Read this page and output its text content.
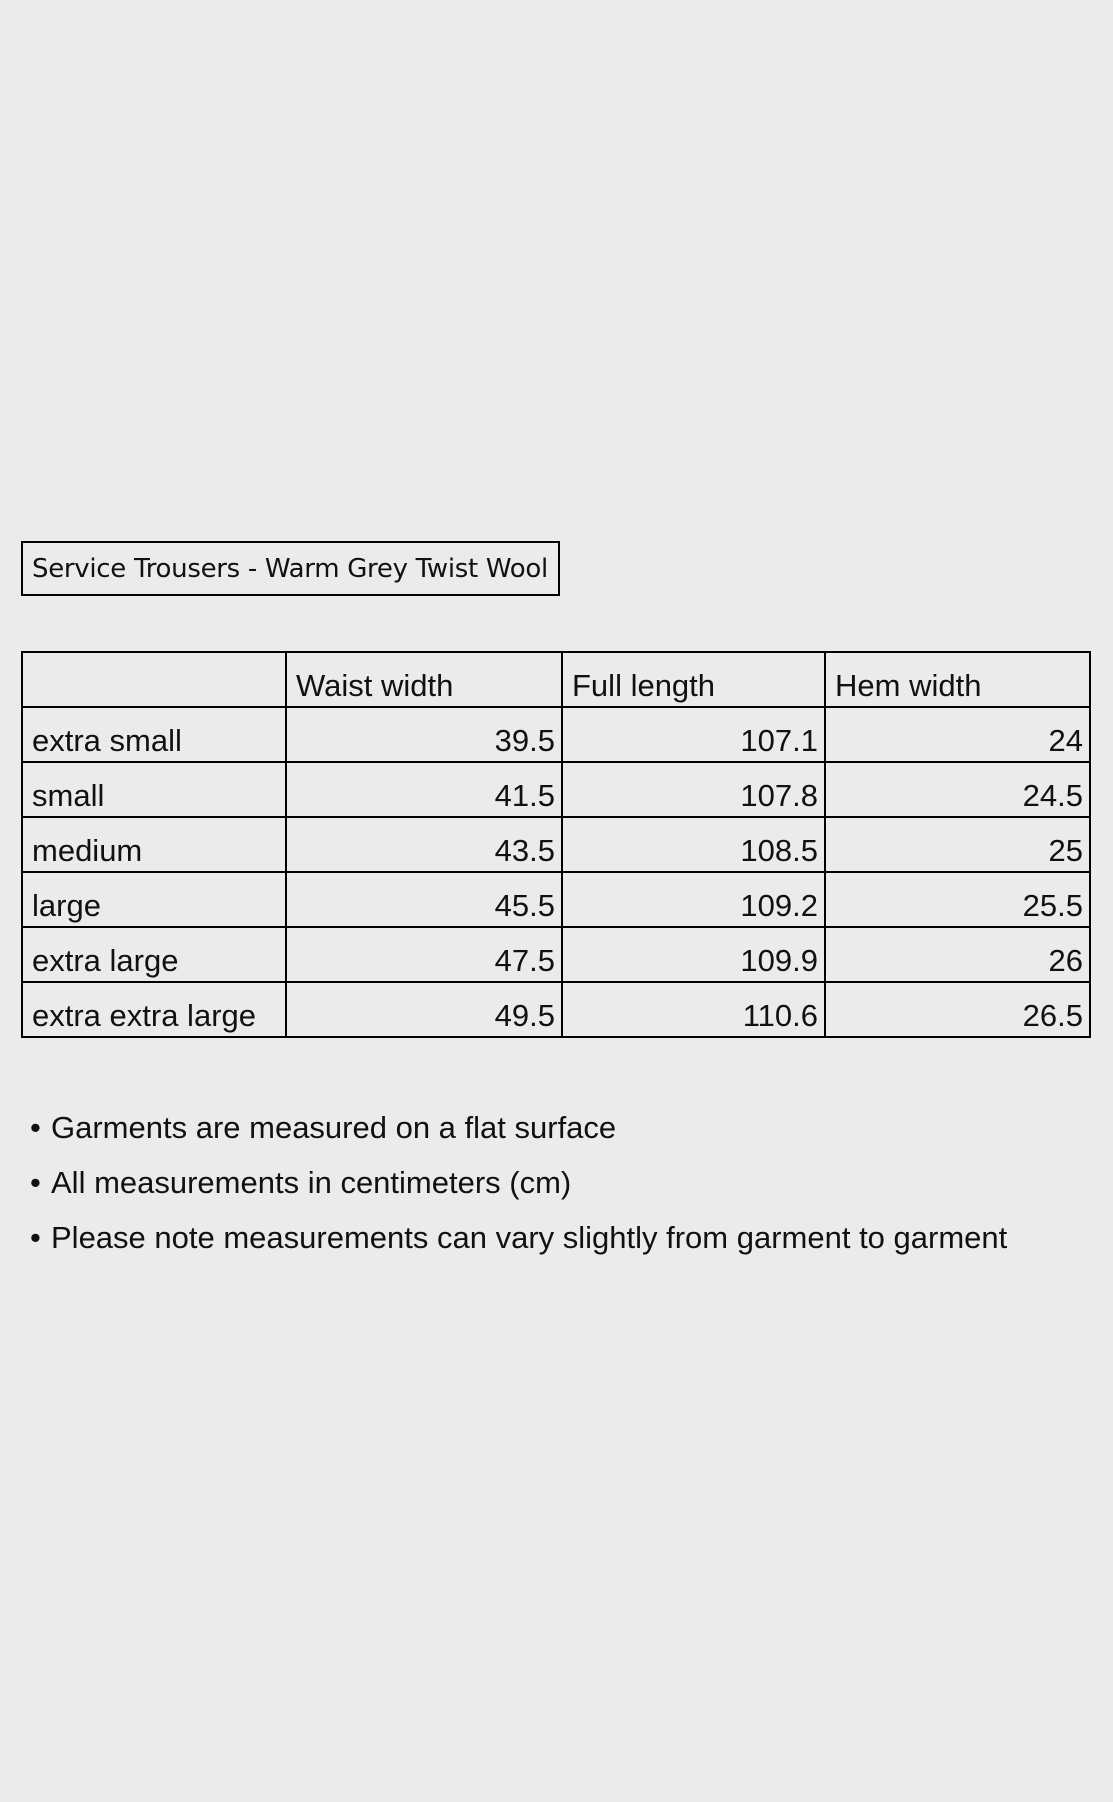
Service Trousers - Warm Grey Twist Wool
	Waist width	Full length	Hem width
extra small	39.5	107.1	24
small	41.5	107.8	24.5
medium	43.5	108.5	25
large	45.5	109.2	25.5
extra large	47.5	109.9	26
extra extra large	49.5	110.6	26.5
• Garments are measured on a flat surface
• All measurements in centimeters (cm)
• Please note measurements can vary slightly from garment to garment
